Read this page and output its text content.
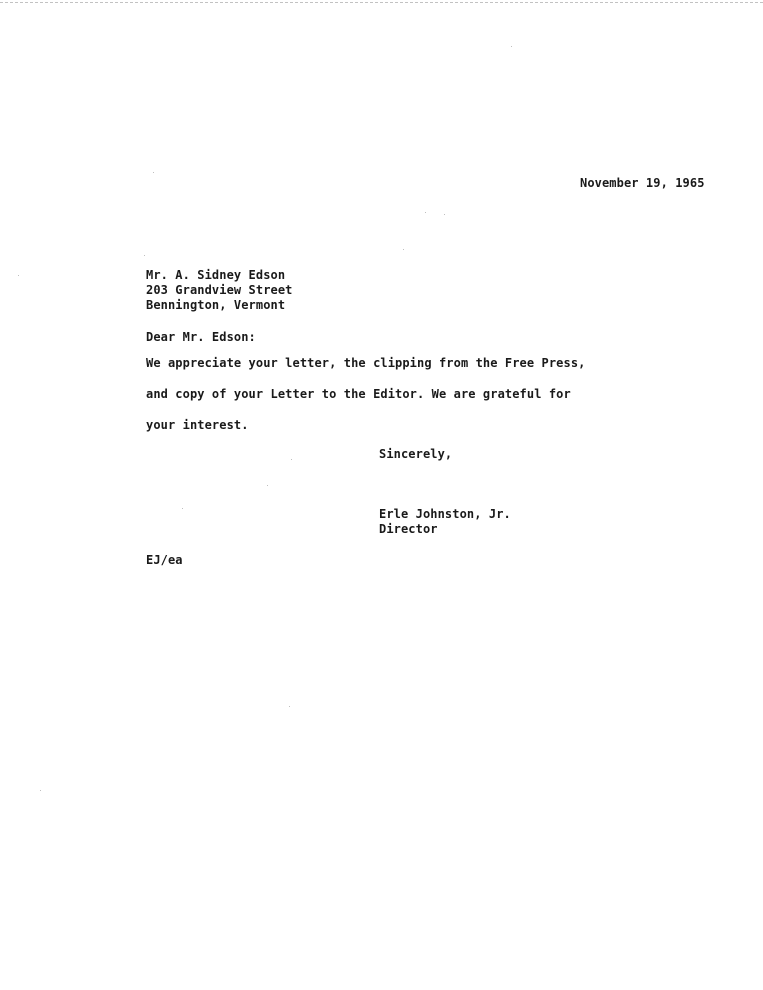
November 19, 1965
Mr. A. Sidney Edson
203 Grandview Street
Bennington, Vermont
Dear Mr. Edson:
We appreciate your letter, the clipping from the Free Press,
and copy of your Letter to the Editor. We are grateful for
your interest.
Sincerely,
Erle Johnston, Jr.
Director
EJ/ea
